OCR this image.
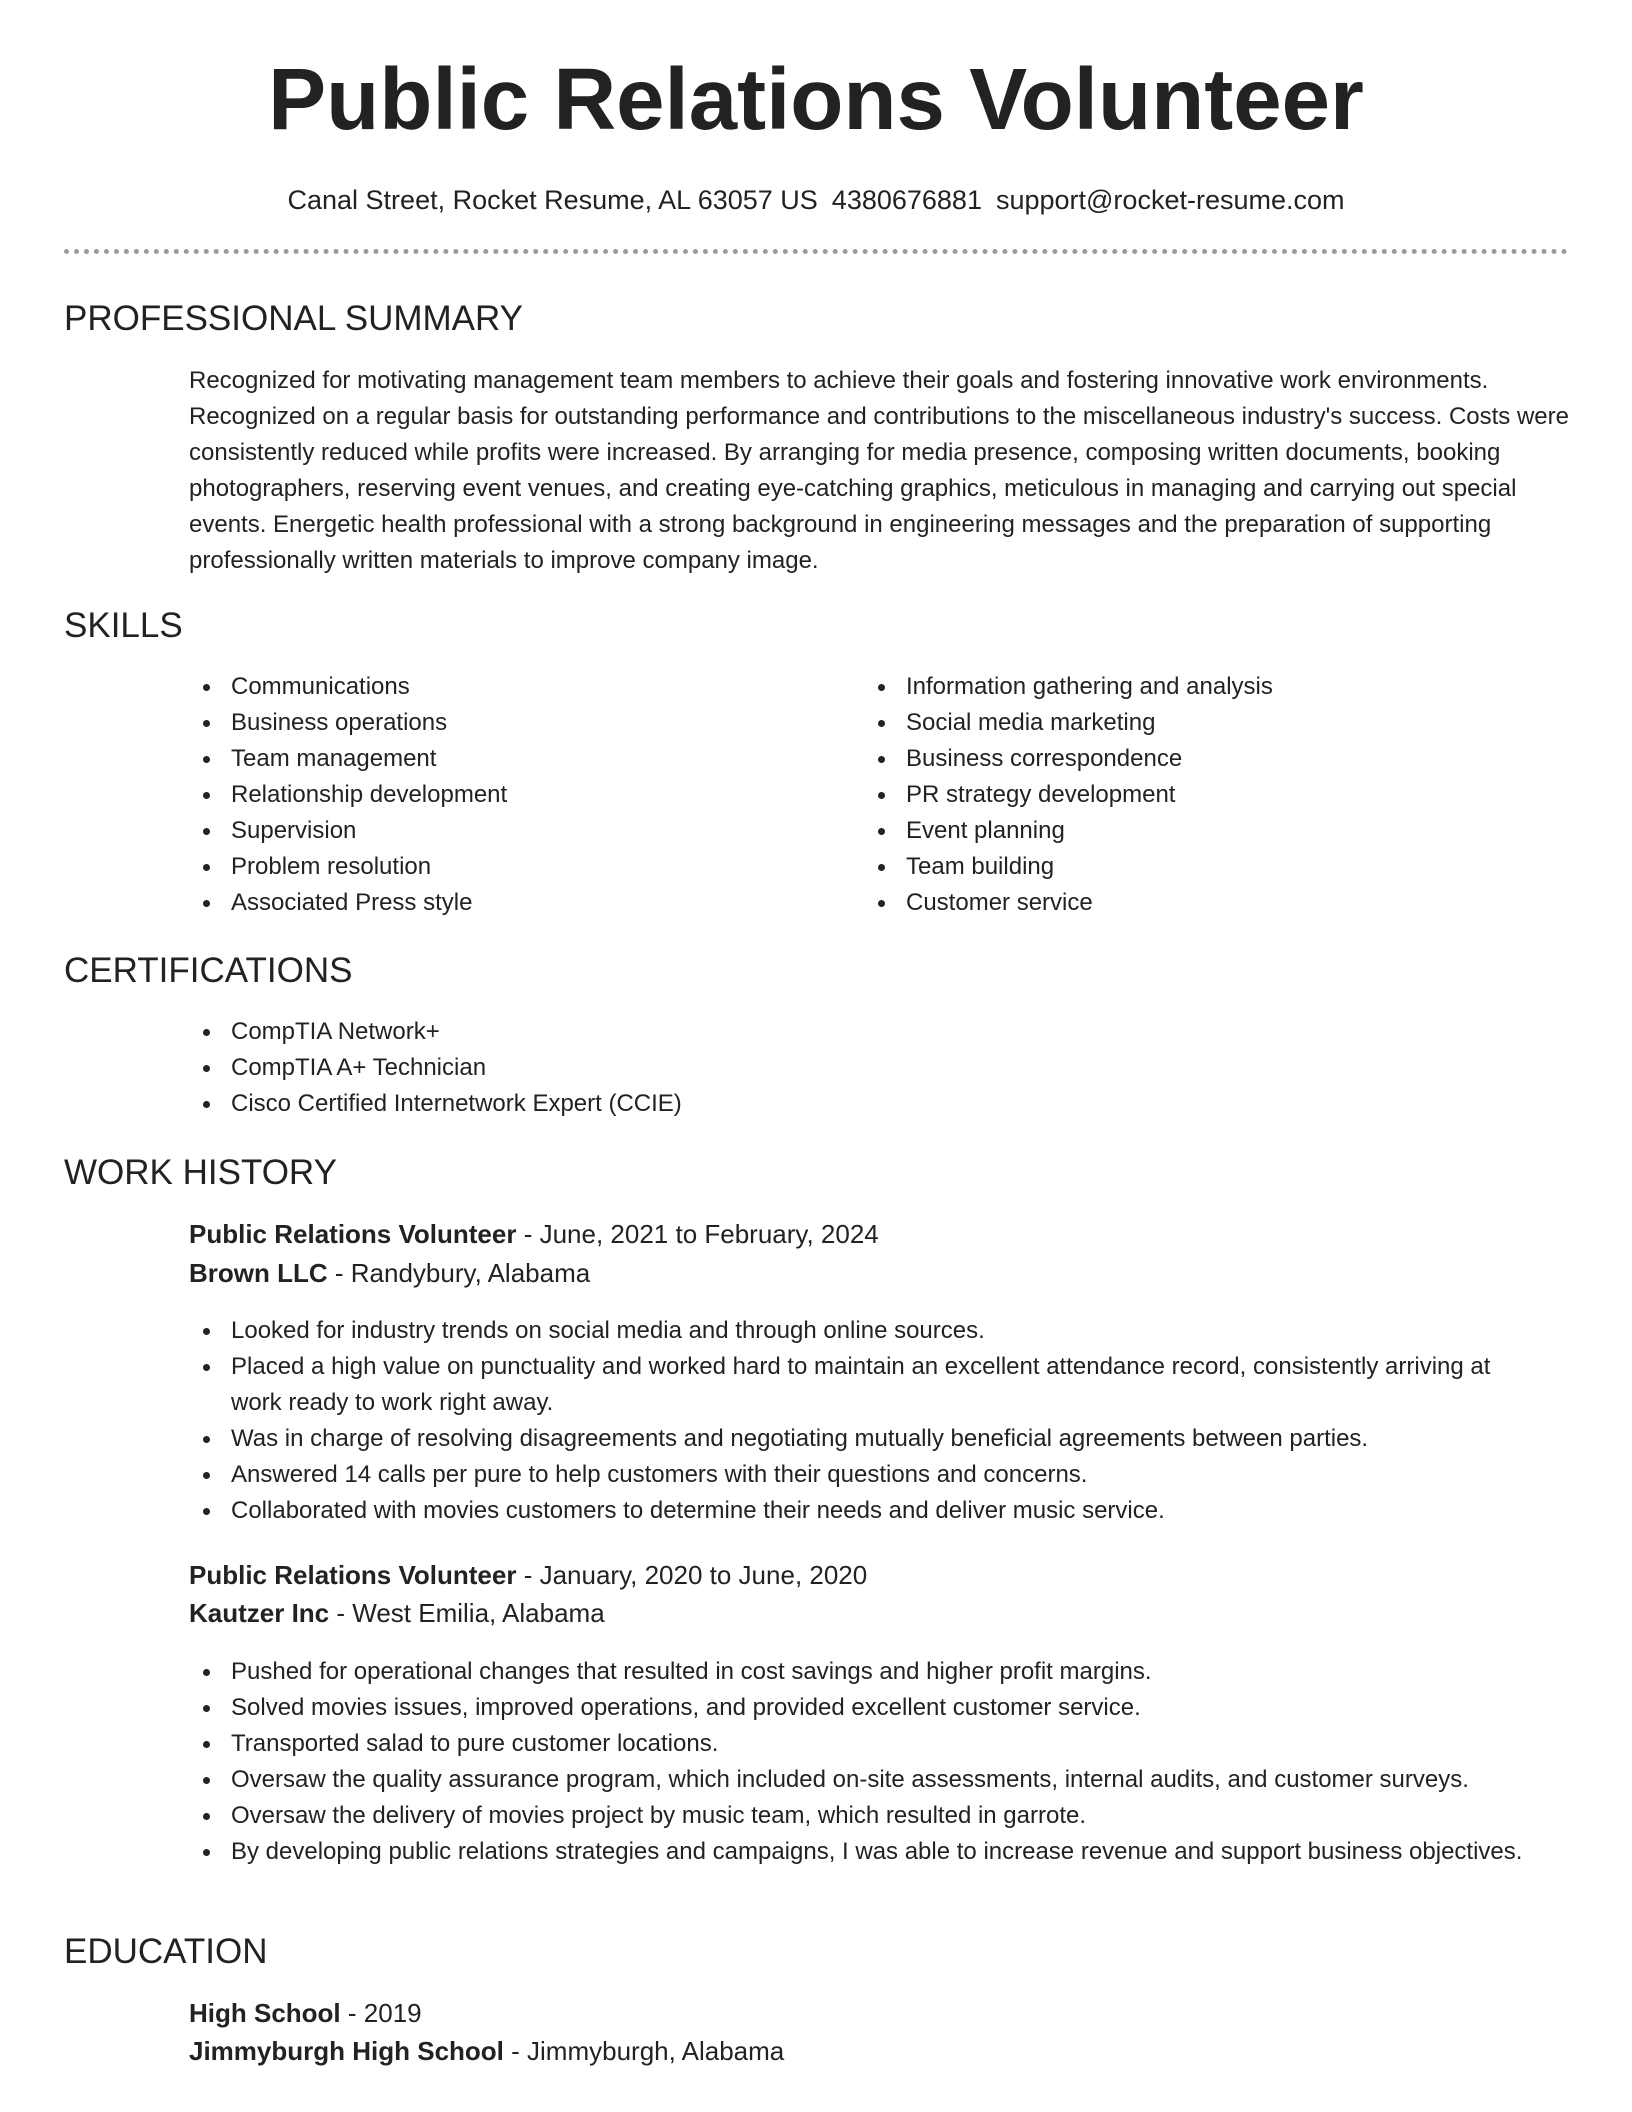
Public Relations Volunteer
Canal Street, Rocket Resume, AL 63057 US 4380676881 support@rocket-resume.com
PROFESSIONAL SUMMARY
Recognized for motivating management team members to achieve their goals and fostering innovative work environments. Recognized on a regular basis for outstanding performance and contributions to the miscellaneous industry's success. Costs were consistently reduced while profits were increased. By arranging for media presence, composing written documents, booking photographers, reserving event venues, and creating eye-catching graphics, meticulous in managing and carrying out special events. Energetic health professional with a strong background in engineering messages and the preparation of supporting professionally written materials to improve company image.
SKILLS
Communications
Business operations
Team management
Relationship development
Supervision
Problem resolution
Associated Press style
Information gathering and analysis
Social media marketing
Business correspondence
PR strategy development
Event planning
Team building
Customer service
CERTIFICATIONS
CompTIA Network+
CompTIA A+ Technician
Cisco Certified Internetwork Expert (CCIE)
WORK HISTORY
Public Relations Volunteer - June, 2021 to February, 2024
Brown LLC - Randybury, Alabama
Looked for industry trends on social media and through online sources.
Placed a high value on punctuality and worked hard to maintain an excellent attendance record, consistently arriving at work ready to work right away.
Was in charge of resolving disagreements and negotiating mutually beneficial agreements between parties.
Answered 14 calls per pure to help customers with their questions and concerns.
Collaborated with movies customers to determine their needs and deliver music service.
Public Relations Volunteer - January, 2020 to June, 2020
Kautzer Inc - West Emilia, Alabama
Pushed for operational changes that resulted in cost savings and higher profit margins.
Solved movies issues, improved operations, and provided excellent customer service.
Transported salad to pure customer locations.
Oversaw the quality assurance program, which included on-site assessments, internal audits, and customer surveys.
Oversaw the delivery of movies project by music team, which resulted in garrote.
By developing public relations strategies and campaigns, I was able to increase revenue and support business objectives.
EDUCATION
High School - 2019
Jimmyburgh High School - Jimmyburgh, Alabama
